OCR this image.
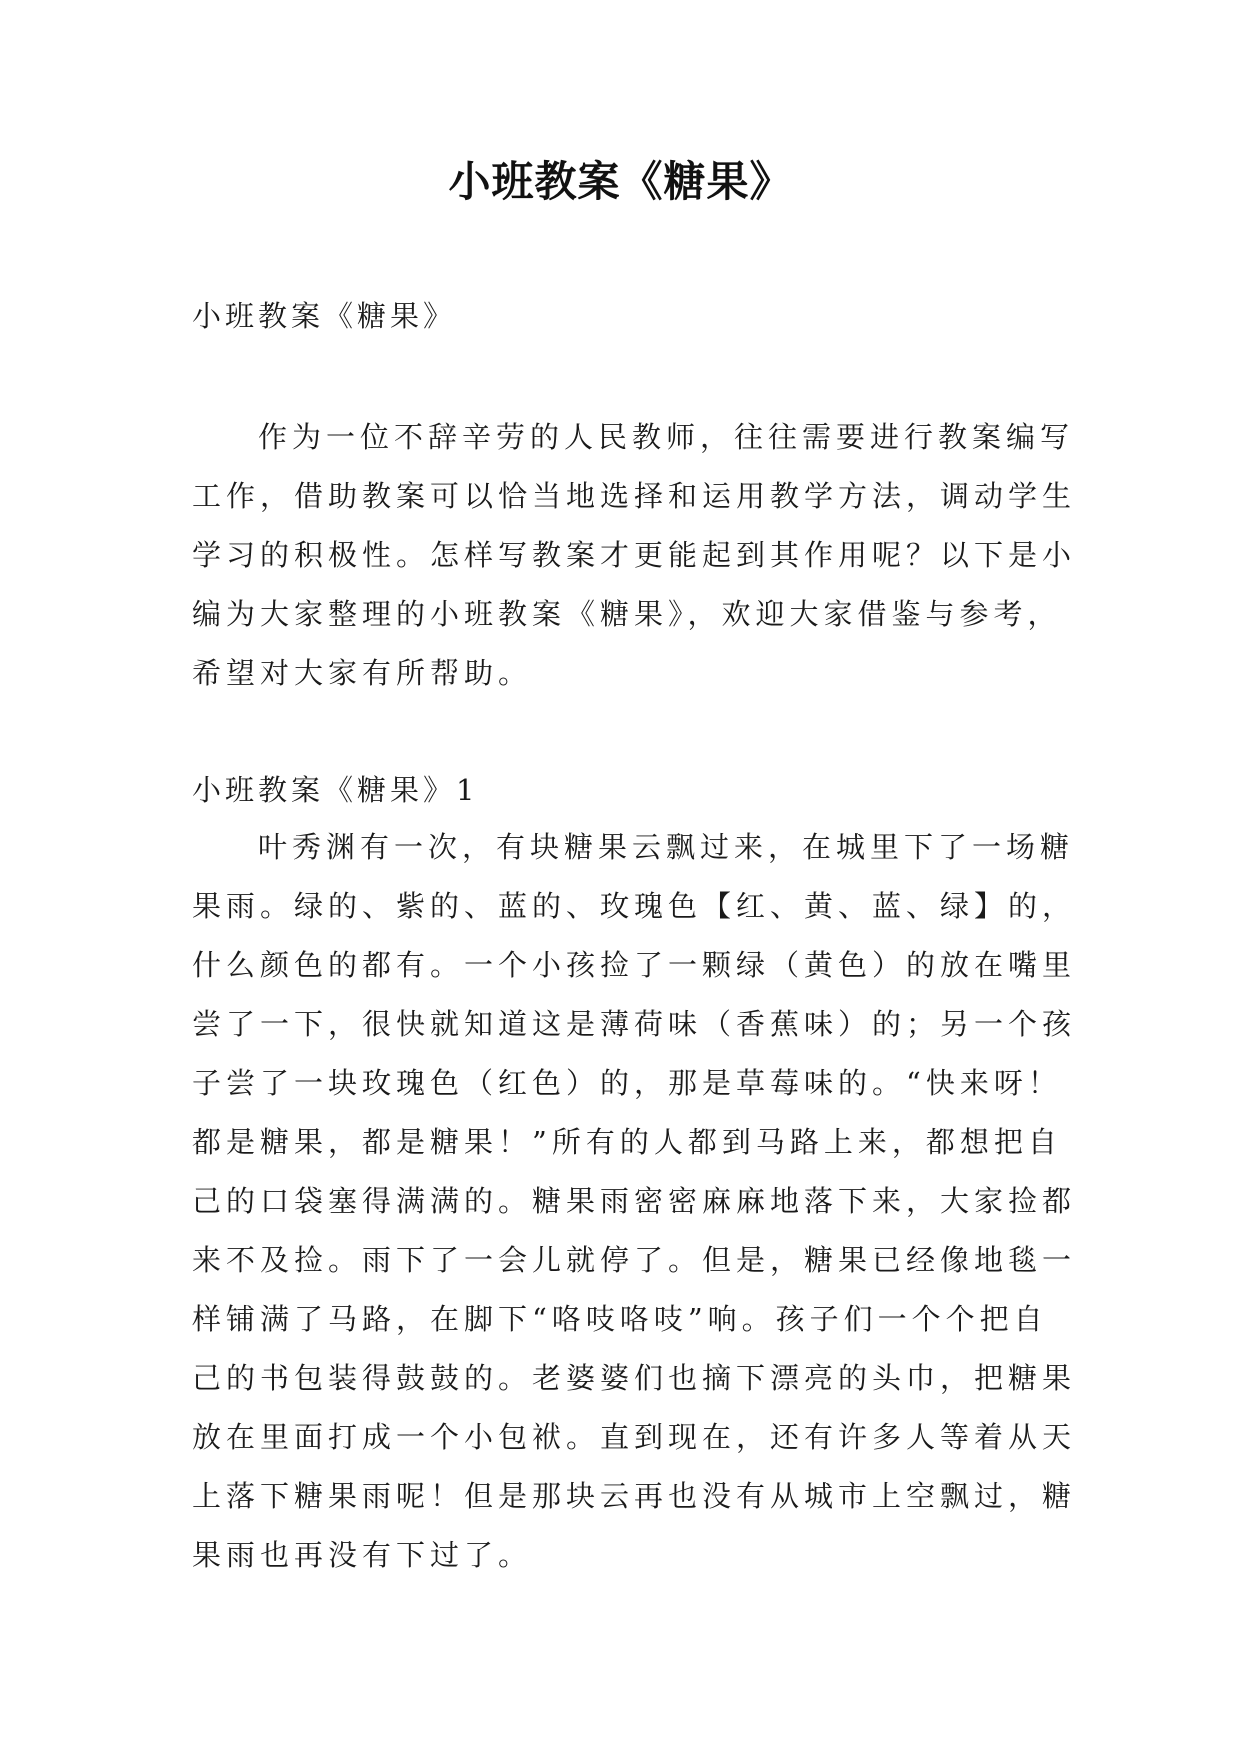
小班教案《糖果》
小班教案《糖果》
作为一位不辞辛劳的人民教师，往往需要进行教案编写
工作，借助教案可以恰当地选择和运用教学方法，调动学生
学习的积极性。怎样写教案才更能起到其作用呢？以下是小
编为大家整理的小班教案《糖果》，欢迎大家借鉴与参考，
希望对大家有所帮助。
小班教案《糖果》1
叶秀渊有一次，有块糖果云飘过来，在城里下了一场糖
果雨。绿的、紫的、蓝的、玫瑰色【红、黄、蓝、绿】的，
什么颜色的都有。一个小孩捡了一颗绿（黄色）的放在嘴里
尝了一下，很快就知道这是薄荷味（香蕉味）的；另一个孩
子尝了一块玫瑰色（红色）的，那是草莓味的。“快来呀！
都是糖果，都是糖果！”所有的人都到马路上来，都想把自
己的口袋塞得满满的。糖果雨密密麻麻地落下来，大家捡都
来不及捡。雨下了一会儿就停了。但是，糖果已经像地毯一
样铺满了马路，在脚下“咯吱咯吱”响。孩子们一个个把自
己的书包装得鼓鼓的。老婆婆们也摘下漂亮的头巾，把糖果
放在里面打成一个小包袱。直到现在，还有许多人等着从天
上落下糖果雨呢！但是那块云再也没有从城市上空飘过，糖
果雨也再没有下过了。
